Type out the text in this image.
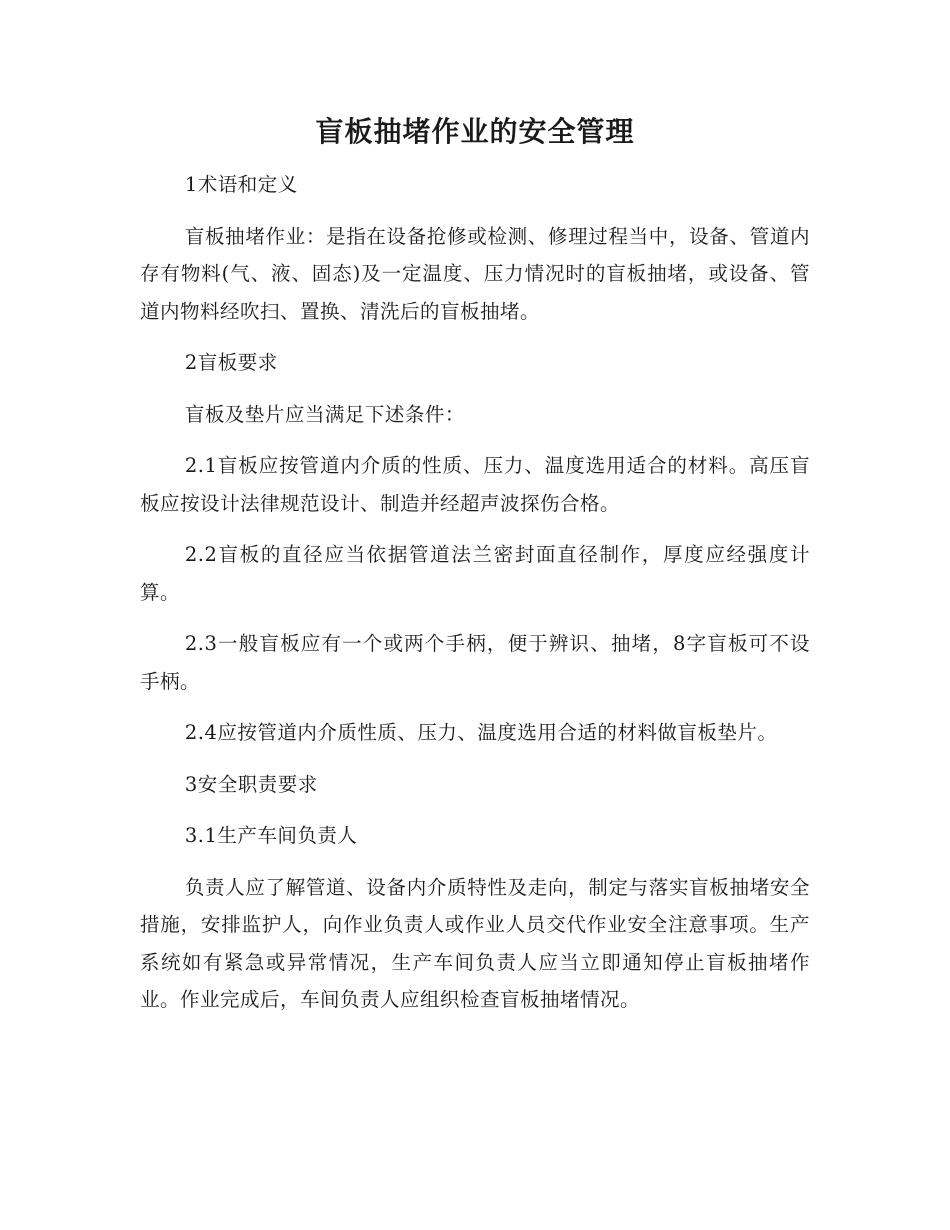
盲板抽堵作业的安全管理

1术语和定义

盲板抽堵作业：是指在设备抢修或检测、修理过程当中，设备、管道内存有物料(气、液、固态)及一定温度、压力情况时的盲板抽堵，或设备、管道内物料经吹扫、置换、清洗后的盲板抽堵。

2盲板要求

盲板及垫片应当满足下述条件：

2.1盲板应按管道内介质的性质、压力、温度选用适合的材料。高压盲板应按设计法律规范设计、制造并经超声波探伤合格。

2.2盲板的直径应当依据管道法兰密封面直径制作，厚度应经强度计算。

2.3一般盲板应有一个或两个手柄，便于辨识、抽堵，8字盲板可不设手柄。

2.4应按管道内介质性质、压力、温度选用合适的材料做盲板垫片。

3安全职责要求

3.1生产车间负责人

负责人应了解管道、设备内介质特性及走向，制定与落实盲板抽堵安全措施，安排监护人，向作业负责人或作业人员交代作业安全注意事项。生产系统如有紧急或异常情况，生产车间负责人应当立即通知停止盲板抽堵作业。作业完成后，车间负责人应组织检查盲板抽堵情况。
